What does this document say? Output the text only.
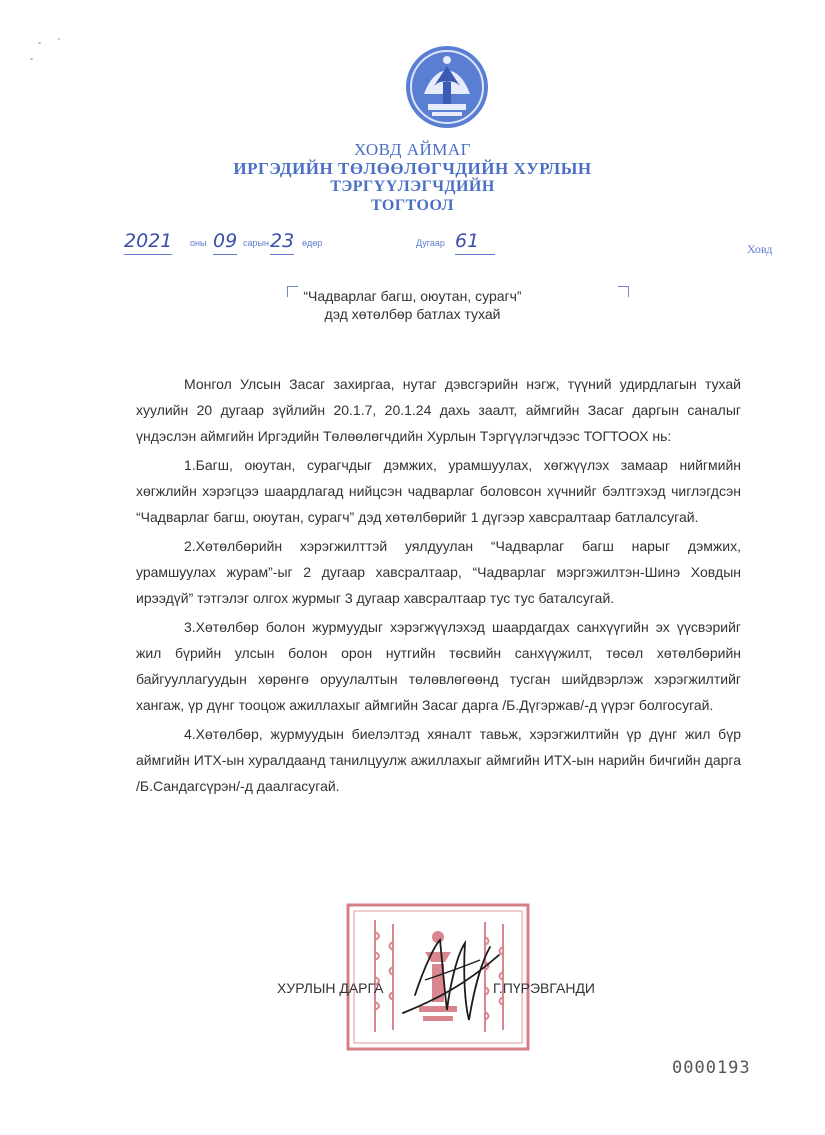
ХОВД АЙМАГ
ИРГЭДИЙН ТӨЛӨӨЛӨГЧДИЙН ХУРЛЫН
ТЭРГҮҮЛЭГЧДИЙН
ТОГТООЛ
2021 оны 09 сарын 23 өдөр	Дугаар 61	Ховд
“Чадварлаг багш, оюутан, сурагч”
дэд хөтөлбөр батлах тухай

Монгол Улсын Засаг захиргаа, нутаг дэвсгэрийн нэгж, түүний удирдлагын тухай хуулийн 20 дугаар зүйлийн 20.1.7, 20.1.24 дахь заалт, аймгийн Засаг даргын саналыг үндэслэн аймгийн Иргэдийн Төлөөлөгчдийн Хурлын Тэргүүлэгчдээс ТОГТООХ нь:

1.Багш, оюутан, сурагчдыг дэмжих, урамшуулах, хөгжүүлэх замаар нийгмийн хөгжлийн хэрэгцээ шаардлагад нийцсэн чадварлаг боловсон хүчнийг бэлтгэхэд чиглэгдсэн “Чадварлаг багш, оюутан, сурагч” дэд хөтөлбөрийг 1 дүгээр хавсралтаар батлалсугай.

2.Хөтөлбөрийн хэрэгжилттэй уялдуулан “Чадварлаг багш нарыг дэмжих, урамшуулах журам”-ыг 2 дугаар хавсралтаар, “Чадварлаг мэргэжилтэн-Шинэ Ховдын ирээдүй” тэтгэлэг олгох журмыг 3 дугаар хавсралтаар тус тус баталсугай.

3.Хөтөлбөр болон журмуудыг хэрэгжүүлэхэд шаардагдах санхүүгийн эх үүсвэрийг жил бүрийн улсын болон орон нутгийн төсвийн санхүүжилт, төсөл хөтөлбөрийн байгууллагуудын хөрөнгө оруулалтын төлөвлөгөөнд тусган шийдвэрлэж хэрэгжилтийг хангаж, үр дүнг тооцож ажиллахыг аймгийн Засаг дарга /Б.Дүгэржав/-д үүрэг болгосугай.

4.Хөтөлбөр, журмуудын биелэлтэд хяналт тавьж, хэрэгжилтийн үр дүнг жил бүр аймгийн ИТХ-ын хуралдаанд танилцуулж ажиллахыг аймгийн ИТХ-ын нарийн бичгийн дарга /Б.Сандагсүрэн/-д даалгасугай.

ХУРЛЫН ДАРГА	Г.ПҮРЭВГАНДИ
0000193
